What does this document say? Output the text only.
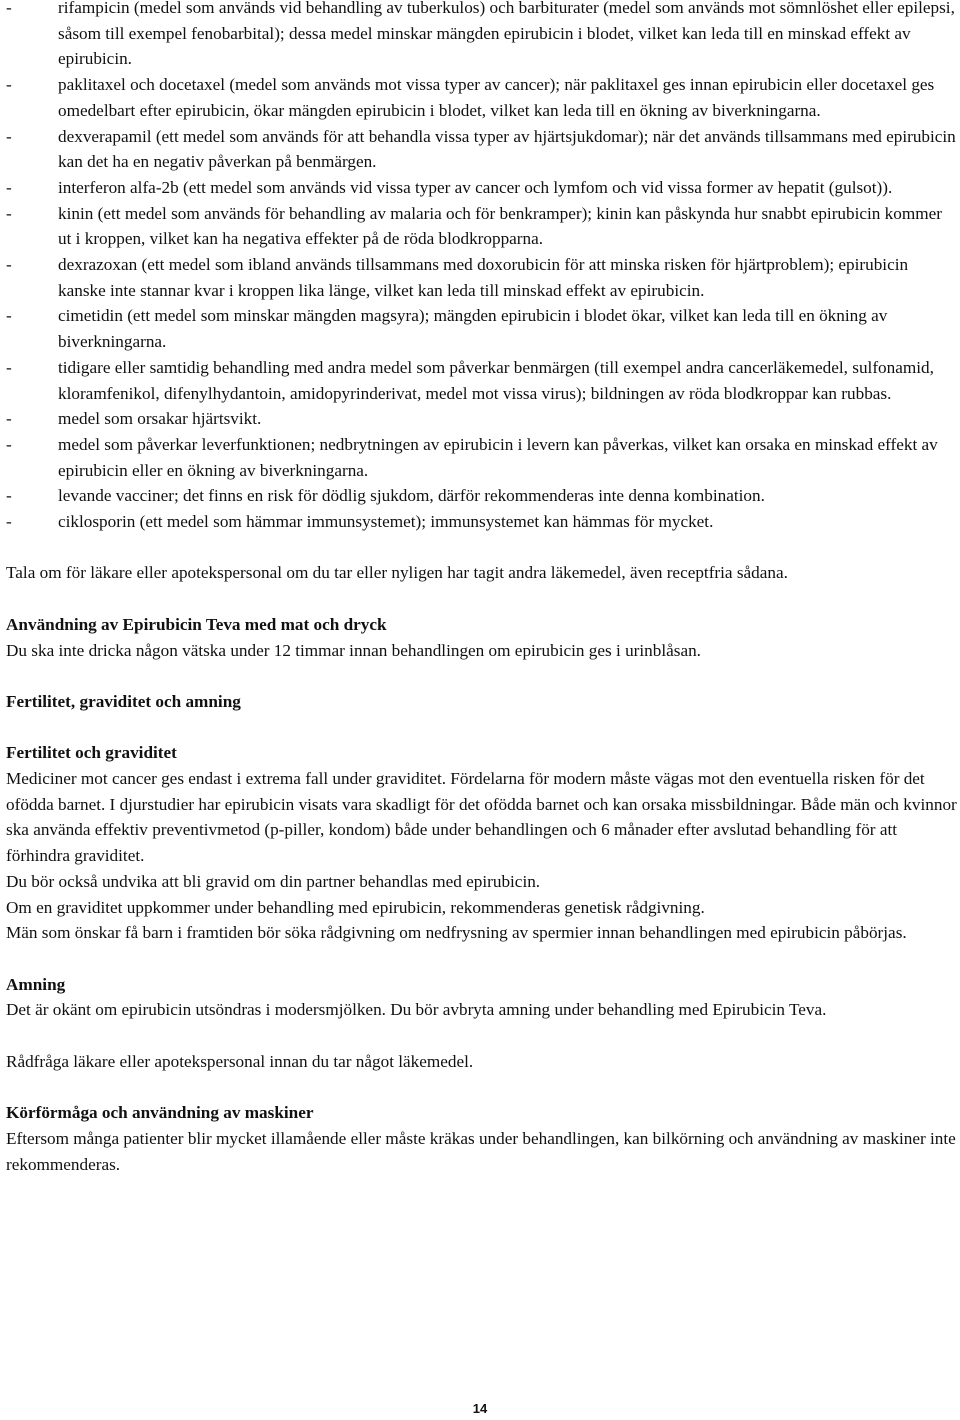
-	rifampicin (medel som används vid behandling av tuberkulos) och barbiturater (medel som används mot sömnlöshet eller epilepsi, såsom till exempel fenobarbital); dessa medel minskar mängden epirubicin i blodet, vilket kan leda till en minskad effekt av epirubicin.
-	paklitaxel och docetaxel (medel som används mot vissa typer av cancer); när paklitaxel ges innan epirubicin eller docetaxel ges omedelbart efter epirubicin, ökar mängden epirubicin i blodet, vilket kan leda till en ökning av biverkningarna.
-	dexverapamil (ett medel som används för att behandla vissa typer av hjärtsjukdomar); när det används tillsammans med epirubicin kan det ha en negativ påverkan på benmärgen.
-	interferon alfa-2b (ett medel som används vid vissa typer av cancer och lymfom och vid vissa former av hepatit (gulsot)).
-	kinin (ett medel som används för behandling av malaria och för benkramper); kinin kan påskynda hur snabbt epirubicin kommer ut i kroppen, vilket kan ha negativa effekter på de röda blodkropparna.
-	dexrazoxan (ett medel som ibland används tillsammans med doxorubicin för att minska risken för hjärtproblem); epirubicin kanske inte stannar kvar i kroppen lika länge, vilket kan leda till minskad effekt av epirubicin.
-	cimetidin (ett medel som minskar mängden magsyra); mängden epirubicin i blodet ökar, vilket kan leda till en ökning av biverkningarna.
-	tidigare eller samtidig behandling med andra medel som påverkar benmärgen (till exempel andra cancerläkemedel, sulfonamid, kloramfenikol, difenylhydantoin, amidopyrinderivat, medel mot vissa virus); bildningen av röda blodkroppar kan rubbas.
-	medel som orsakar hjärtsvikt.
-	medel som påverkar leverfunktionen; nedbrytningen av epirubicin i levern kan påverkas, vilket kan orsaka en minskad effekt av epirubicin eller en ökning av biverkningarna.
-	levande vacciner; det finns en risk för dödlig sjukdom, därför rekommenderas inte denna kombination.
-	ciklosporin (ett medel som hämmar immunsystemet); immunsystemet kan hämmas för mycket.

Tala om för läkare eller apotekspersonal om du tar eller nyligen har tagit andra läkemedel, även receptfria sådana.

Användning av Epirubicin Teva med mat och dryck

Du ska inte dricka någon vätska under 12 timmar innan behandlingen om epirubicin ges i urinblåsan.

Fertilitet, graviditet och amning
Fertilitet och graviditet

Mediciner mot cancer ges endast i extrema fall under graviditet. Fördelarna för modern måste vägas mot den eventuella risken för det ofödda barnet. I djurstudier har epirubicin visats vara skadligt för det ofödda barnet och kan orsaka missbildningar. Både män och kvinnor ska använda effektiv preventivmetod (p-piller, kondom) både under behandlingen och 6 månader efter avslutad behandling för att förhindra graviditet.

Du bör också undvika att bli gravid om din partner behandlas med epirubicin.

Om en graviditet uppkommer under behandling med epirubicin, rekommenderas genetisk rådgivning.

Män som önskar få barn i framtiden bör söka rådgivning om nedfrysning av spermier innan behandlingen med epirubicin påbörjas.

Amning

Det är okänt om epirubicin utsöndras i modersmjölken. Du bör avbryta amning under behandling med Epirubicin Teva.

Rådfråga läkare eller apotekspersonal innan du tar något läkemedel.

Körförmåga och användning av maskiner

Eftersom många patienter blir mycket illamående eller måste kräkas under behandlingen, kan bilkörning och användning av maskiner inte rekommenderas.

14
